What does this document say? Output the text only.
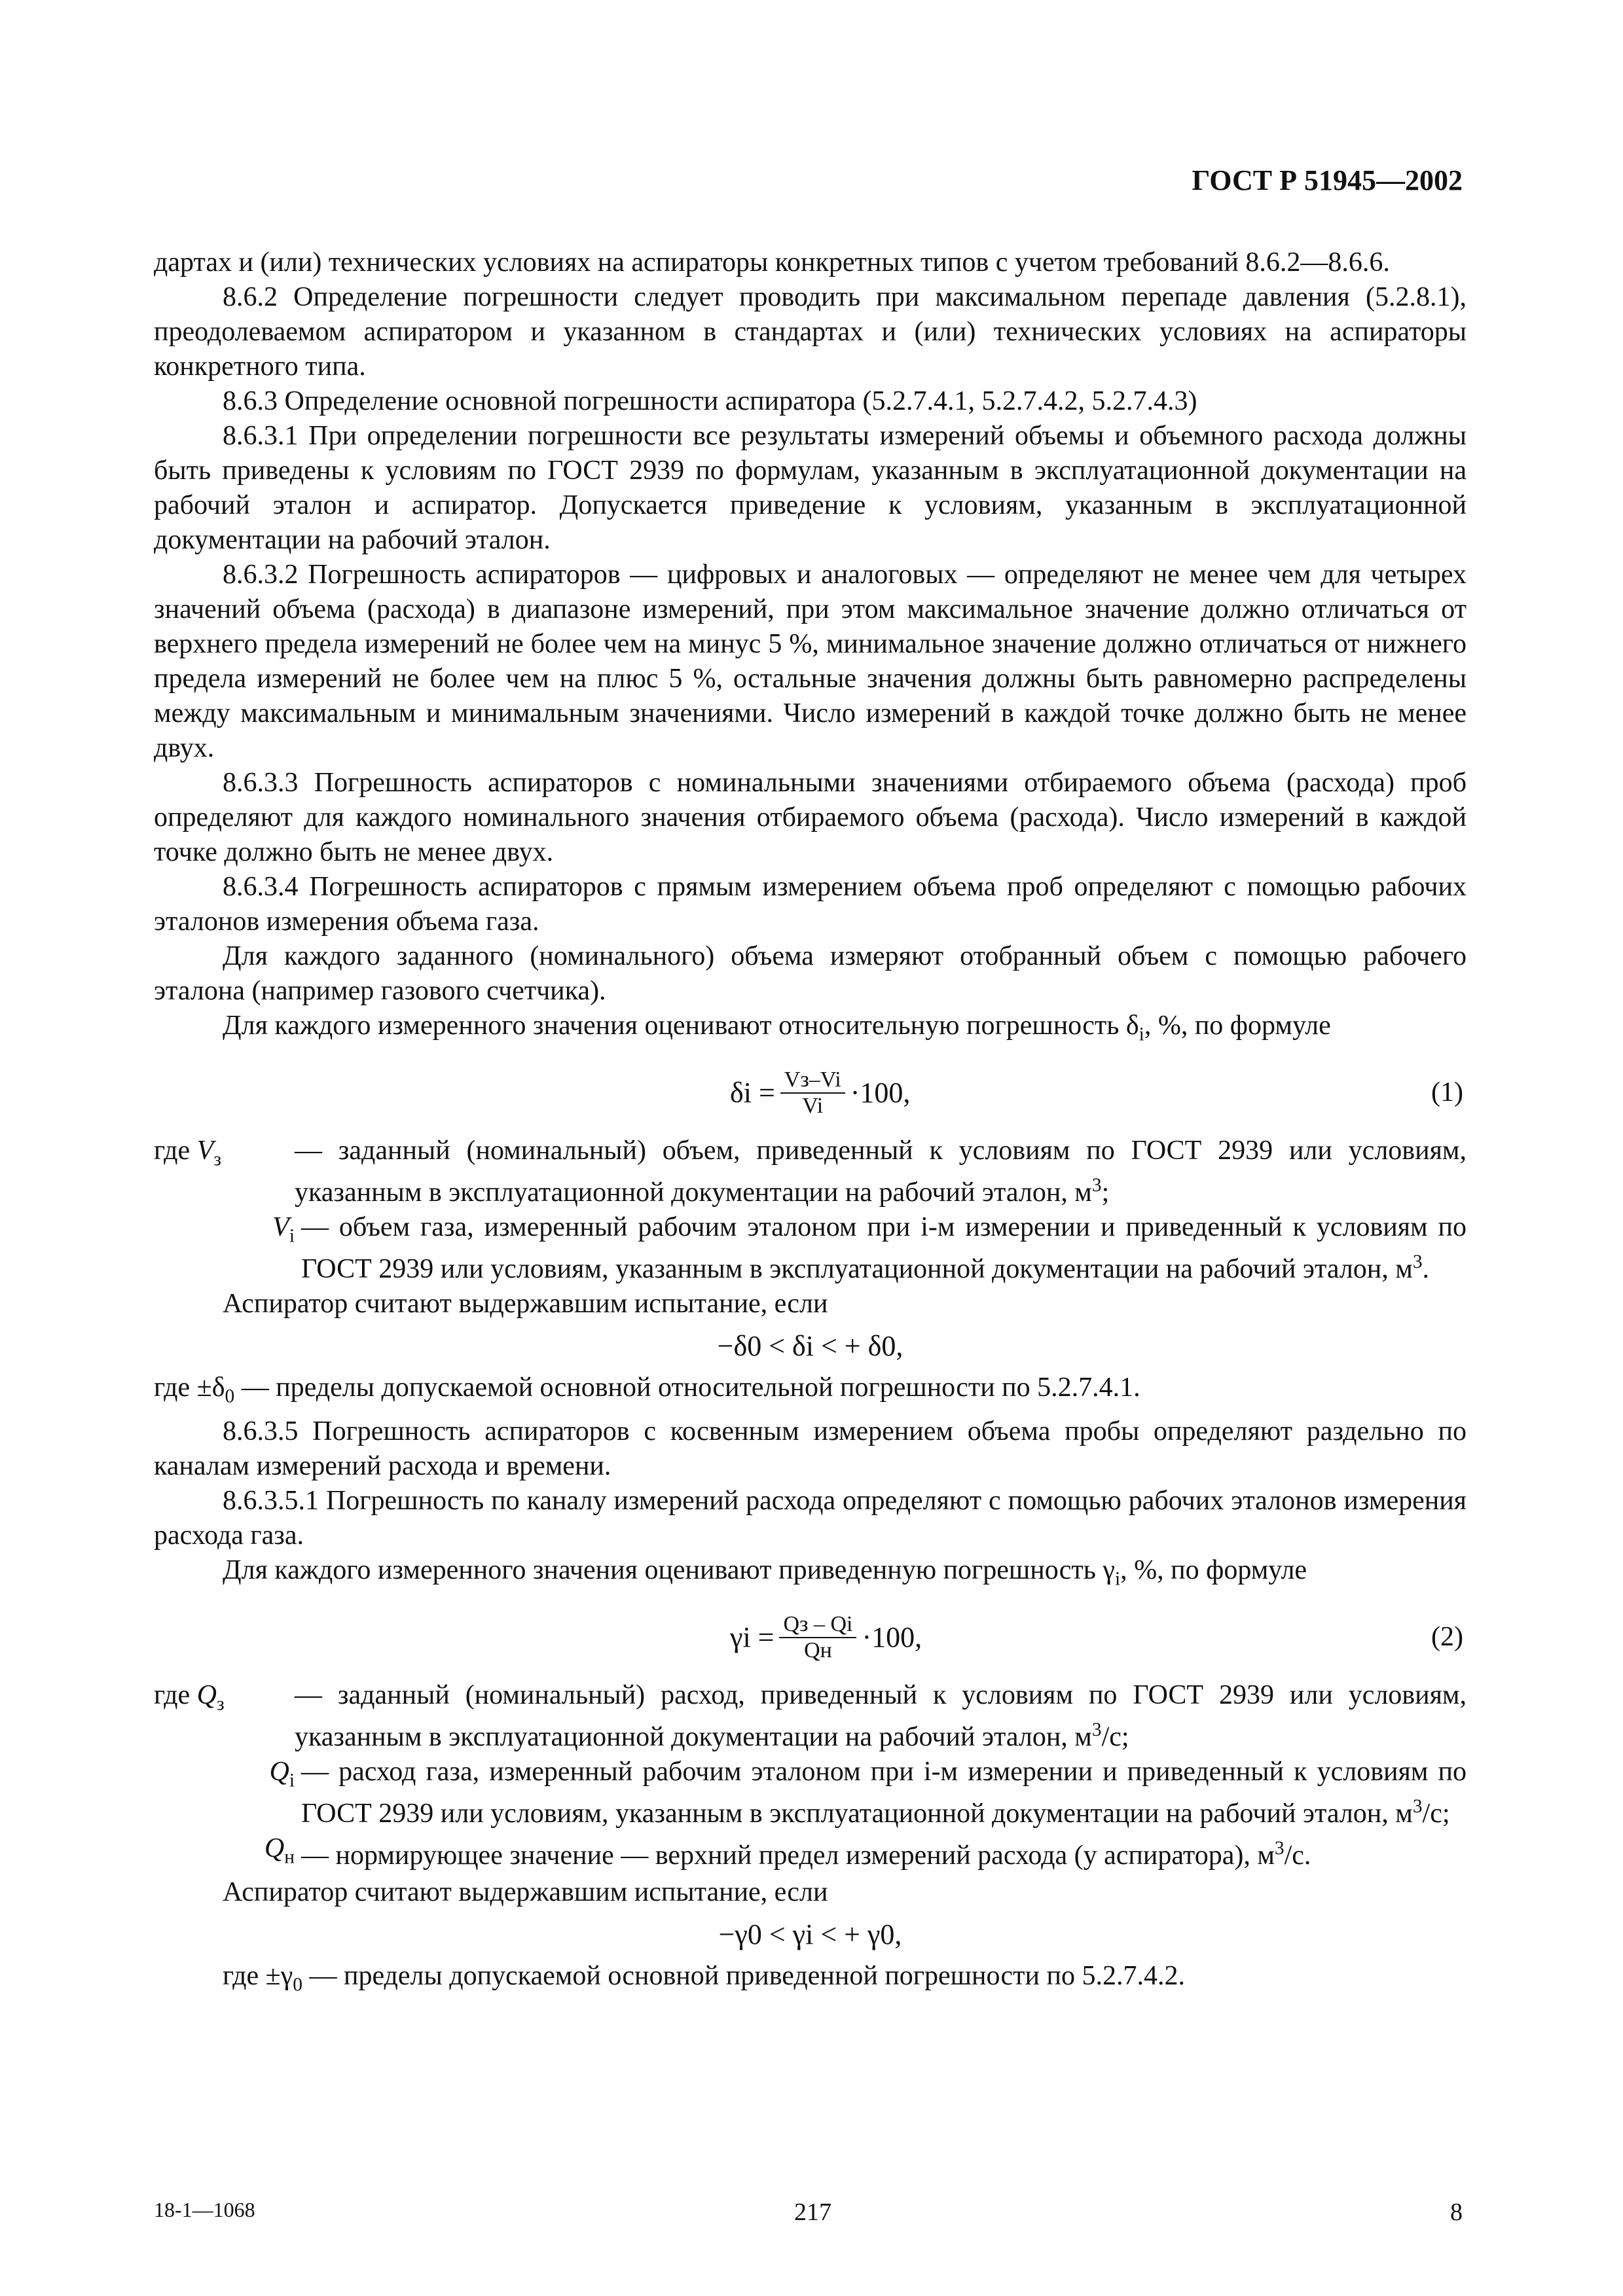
ГОСТ Р 51945—2002

дартах и (или) технических условиях на аспираторы конкретных типов с учетом требований 8.6.2—8.6.6.

8.6.2 Определение погрешности следует проводить при максимальном перепаде давления (5.2.8.1), преодолеваемом аспиратором и указанном в стандартах и (или) технических условиях на аспираторы конкретного типа.

8.6.3 Определение основной погрешности аспиратора (5.2.7.4.1, 5.2.7.4.2, 5.2.7.4.3)

8.6.3.1 При определении погрешности все результаты измерений объемы и объемного расхода должны быть приведены к условиям по ГОСТ 2939 по формулам, указанным в эксплуатационной документации на рабочий эталон и аспиратор. Допускается приведение к условиям, указанным в эксплуатационной документации на рабочий эталон.

8.6.3.2 Погрешность аспираторов — цифровых и аналоговых — определяют не менее чем для четырех значений объема (расхода) в диапазоне измерений, при этом максимальное значение должно отличаться от верхнего предела измерений не более чем на минус 5 %, минимальное значение должно отличаться от нижнего предела измерений не более чем на плюс 5 %, остальные значения должны быть равномерно распределены между максимальным и минимальным значениями. Число измерений в каждой точке должно быть не менее двух.

8.6.3.3 Погрешность аспираторов с номинальными значениями отбираемого объема (расхода) проб определяют для каждого номинального значения отбираемого объема (расхода). Число измерений в каждой точке должно быть не менее двух.

8.6.3.4 Погрешность аспираторов с прямым измерением объема проб определяют с помощью рабочих эталонов измерения объема газа.

Для каждого заданного (номинального) объема измеряют отобранный объем с помощью рабочего эталона (например газового счетчика).

Для каждого измеренного значения оценивают относительную погрешность $\delta_i$, %, по формуле

$\delta i = \frac{Vз-Vi}{Vi} \cdot 100$,	(1)
где $V_з$	— заданный (номинальный) объем, приведенный к условиям по ГОСТ 2939 или условиям, указанным в эксплуатационной документации на рабочий эталон, $м^3$;
$V_i$ — объем газа, измеренный рабочим эталоном при i-м измерении и приведенный к условиям по ГОСТ 2939 или условиям, указанным в эксплуатационной документации на рабочий эталон, $м^3$.

Аспиратор считают выдержавшим испытание, если

−δ0 < δi < + δ0,

где $\pm\delta_0$ — пределы допускаемой основной относительной погрешности по 5.2.7.4.1.

8.6.3.5 Погрешность аспираторов с косвенным измерением объема пробы определяют раздельно по каналам измерений расхода и времени.

8.6.3.5.1 Погрешность по каналу измерений расхода определяют с помощью рабочих эталонов измерения расхода газа.

Для каждого измеренного значения оценивают приведенную погрешность $\gamma_i$, %, по формуле

$\gamma i = \frac{Qз - Qi}{Qн} \cdot 100$,	(2)
где $Q_з$	— заданный (номинальный) расход, приведенный к условиям по ГОСТ 2939 или условиям, указанным в эксплуатационной документации на рабочий эталон, $м^3/с$;
$Q_i$ — расход газа, измеренный рабочим эталоном при i-м измерении и приведенный к условиям по ГОСТ 2939 или условиям, указанным в эксплуатационной документации на рабочий эталон, $м^3/с$;
$Q_н$ — нормирующее значение — верхний предел измерений расхода (у аспиратора), $м^3/с$.

Аспиратор считают выдержавшим испытание, если

−γ0 < γi < + γ0,

где $\pm\gamma_0$ — пределы допускаемой основной приведенной погрешности по 5.2.7.4.2.

18-1—1068	217	8
